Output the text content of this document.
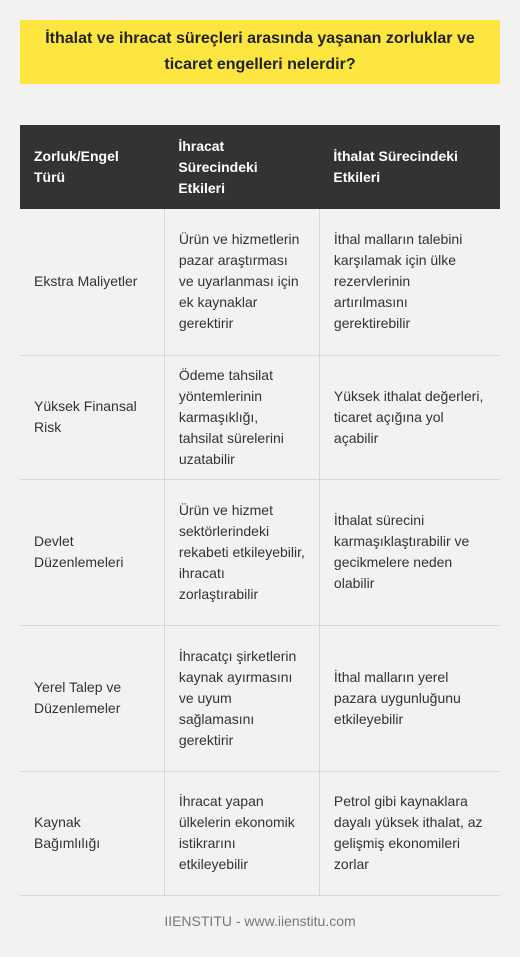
İthalat ve ihracat süreçleri arasında yaşanan zorluklar ve ticaret engelleri nelerdir?
Zorluk/Engel Türü	İhracat Sürecindeki Etkileri	İthalat Sürecindeki Etkileri
Ekstra Maliyetler	Ürün ve hizmetlerin pazar araştırması ve uyarlanması için ek kaynaklar gerektirir	İthal malların talebini karşılamak için ülke rezervlerinin artırılmasını gerektirebilir
Yüksek Finansal Risk	Ödeme tahsilat yöntemlerinin karmaşıklığı, tahsilat sürelerini uzatabilir	Yüksek ithalat değerleri, ticaret açığına yol açabilir
Devlet Düzenlemeleri	Ürün ve hizmet sektörlerindeki rekabeti etkileyebilir, ihracatı zorlaştırabilir	İthalat sürecini karmaşıklaştırabilir ve gecikmelere neden olabilir
Yerel Talep ve Düzenlemeler	İhracatçı şirketlerin kaynak ayırmasını ve uyum sağlamasını gerektirir	İthal malların yerel pazara uygunluğunu etkileyebilir
Kaynak Bağımlılığı	İhracat yapan ülkelerin ekonomik istikrarını etkileyebilir	Petrol gibi kaynaklara dayalı yüksek ithalat, az gelişmiş ekonomileri zorlar
IIENSTITU - www.iienstitu.com
